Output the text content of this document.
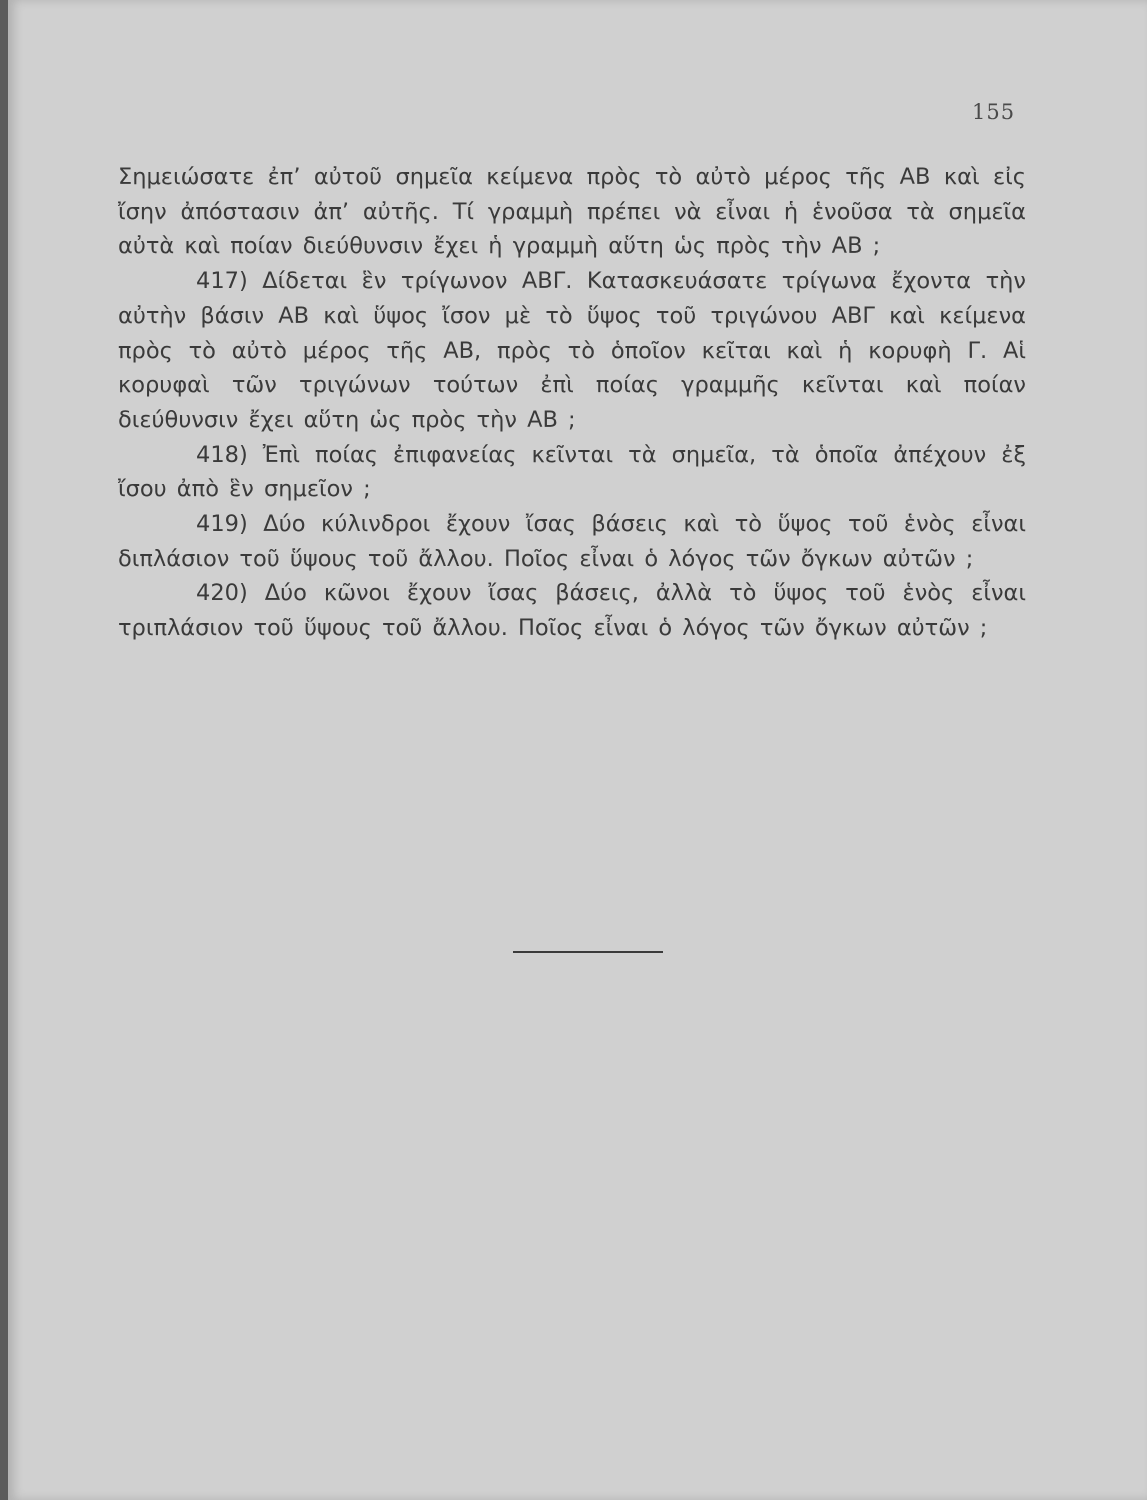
155

Σημειώσατε ἐπ’ αὐτοῦ σημεῖα κείμενα πρὸς τὸ αὐτὸ μέρος τῆς ΑΒ καὶ εἰς ἴσην ἀπόστασιν ἀπ’ αὐτῆς. Τί γραμμὴ πρέπει νὰ εἶναι ἡ ἑνοῦσα τὰ σημεῖα αὐτὰ καὶ ποίαν διεύθυνσιν ἔχει ἡ γραμμὴ αὕτη ὡς πρὸς τὴν ΑΒ ;

417) Δίδεται ἓν τρίγωνον ΑΒΓ. Κατασκευάσατε τρίγωνα ἔχοντα τὴν αὐτὴν βάσιν ΑΒ καὶ ὕψος ἴσον μὲ τὸ ὕψος τοῦ τριγώνου ΑΒΓ καὶ κείμενα πρὸς τὸ αὐτὸ μέρος τῆς ΑΒ, πρὸς τὸ ὁποῖον κεῖται καὶ ἡ κορυφὴ Γ. Αἱ κορυφαὶ τῶν τριγώνων τούτων ἐπὶ ποίας γραμμῆς κεῖνται καὶ ποίαν διεύθυνσιν ἔχει αὕτη ὡς πρὸς τὴν ΑΒ ;

418) Ἐπὶ ποίας ἐπιφανείας κεῖνται τὰ σημεῖα, τὰ ὁποῖα ἀπέχουν ἐξ ἴσου ἀπὸ ἓν σημεῖον ;

419) Δύο κύλινδροι ἔχουν ἴσας βάσεις καὶ τὸ ὕψος τοῦ ἑνὸς εἶναι διπλάσιον τοῦ ὕψους τοῦ ἄλλου. Ποῖος εἶναι ὁ λόγος τῶν ὄγκων αὐτῶν ;

420) Δύο κῶνοι ἔχουν ἴσας βάσεις, ἀλλὰ τὸ ὕψος τοῦ ἑνὸς εἶναι τριπλάσιον τοῦ ὕψους τοῦ ἄλλου. Ποῖος εἶναι ὁ λόγος τῶν ὄγκων αὐτῶν ;
